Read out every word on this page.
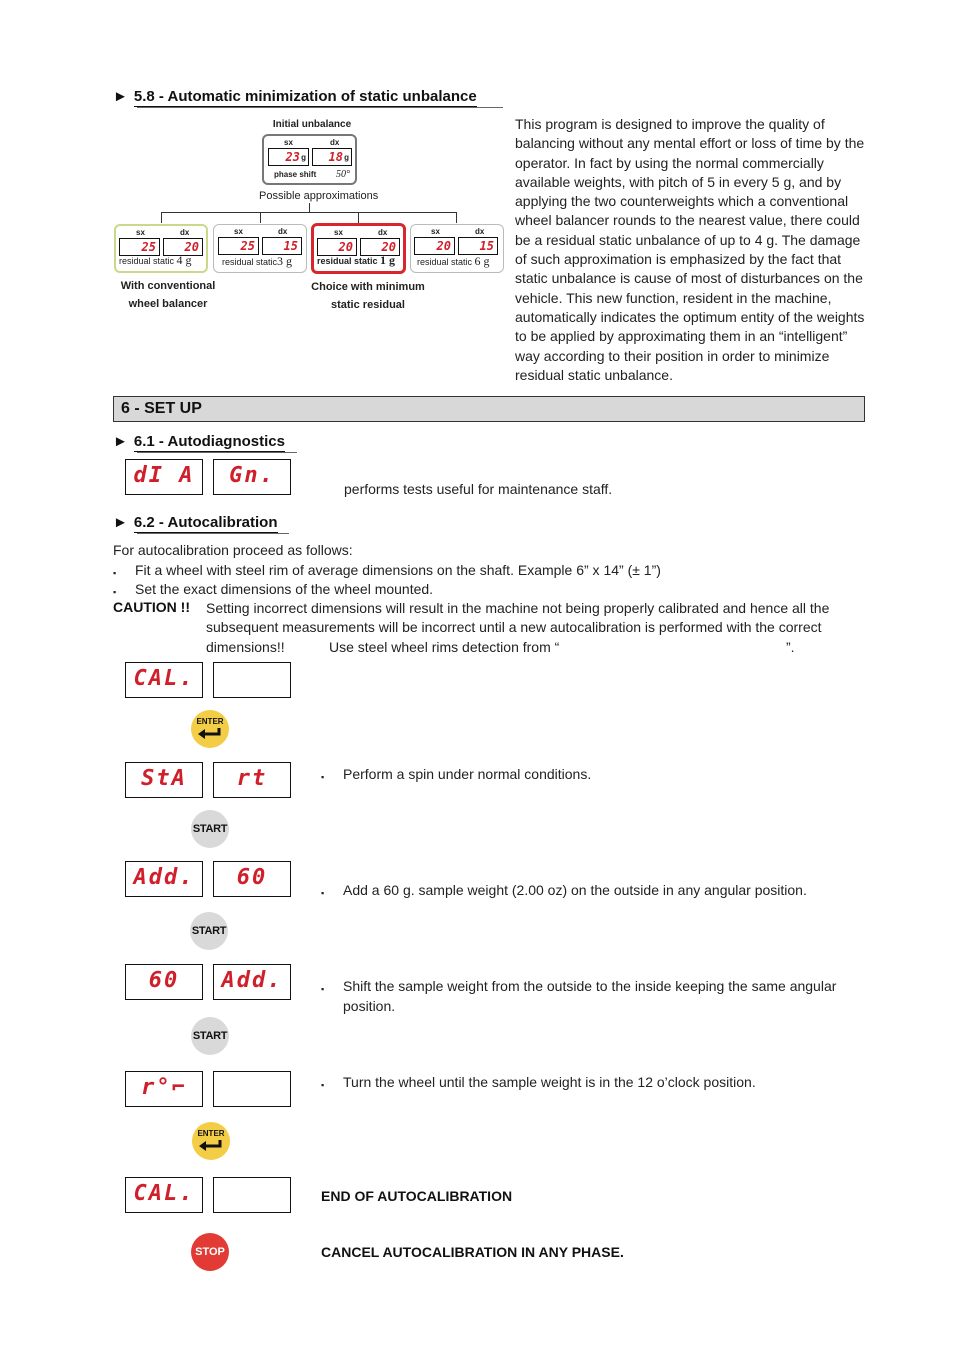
► 5.8 - Automatic minimization of static unbalance
Initial unbalance
sx	dx
23 g 18 g
phase shift 50°
Possible approximations
sx	dx
25 20
residual static 4 g
sx	dx
25 15
residual static3 g
sx	dx
20 20
residual static 1 g
sx	dx
20 15
residual static 6 g
With conventional
wheel balancer
Choice with minimum
static residual
This program is designed to improve the quality of balancing without any mental effort or loss of time by the operator. In fact by using the normal commercially available weights, with pitch of 5 in every 5 g, and by applying the two counterweights which a conventional wheel balancer rounds to the nearest value, there could be a residual static unbalance of up to 4 g. The damage of such approximation is emphasized by the fact that static unbalance is cause of most of disturbances on the vehicle. This new function, resident in the machine, automatically indicates the optimum entity of the weights to be applied by approximating them in an “intelligent” way according to their position in order to minimize residual static unbalance.
6 - SET UP
► 6.1 - Autodiagnostics
dI A	Gn.
performs tests useful for maintenance staff.
► 6.2 - Autocalibration
For autocalibration proceed as follows:
▪ Fit a wheel with steel rim of average dimensions on the shaft. Example 6” x 14” (± 1”)
▪ Set the exact dimensions of the wheel mounted.
CAUTION !! Setting incorrect dimensions will result in the machine not being properly calibrated and hence all the
subsequent measurements will be incorrect until a new autocalibration is performed with the correct
dimensions!!	Use steel wheel rims detection from “	”.
CAL.
ENTER
StA	rt	▪ Perform a spin under normal conditions.
START
Add.	60
▪ Add a 60 g. sample weight (2.00 oz) on the outside in any angular position.
START
60	Add.	▪ Shift the sample weight from the outside to the inside keeping the same angular
position.
START
r°⌐	▪ Turn the wheel until the sample weight is in the 12 o’clock position.
ENTER
CAL.	END OF AUTOCALIBRATION
STOP	CANCEL AUTOCALIBRATION IN ANY PHASE.
